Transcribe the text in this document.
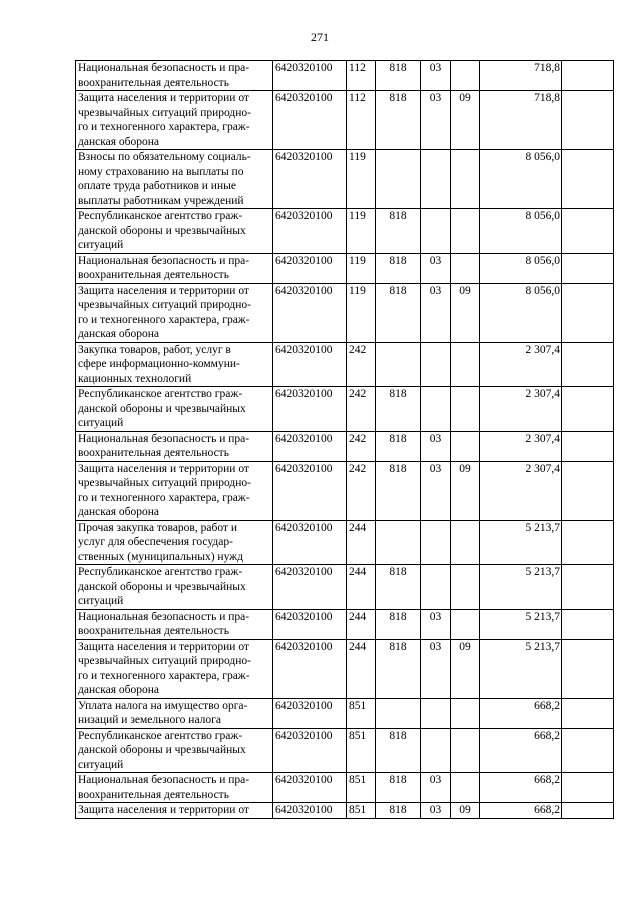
271
Национальная безопасность и пра-
воохранительная деятельность	6420320100	112	818	03		718,8	

Защита населения и территории от
чрезвычайных ситуаций природно-
го и техногенного характера, граж-
данская оборона	6420320100	112	818	03	09	718,8	

Взносы по обязательному социаль-
ному страхованию на выплаты по
оплате труда работников и иные
выплаты работникам учреждений	6420320100	119				8 056,0	

Республиканское агентство граж-
данской обороны и чрезвычайных
ситуаций	6420320100	119	818			8 056,0	

Национальная безопасность и пра-
воохранительная деятельность	6420320100	119	818	03		8 056,0	

Защита населения и территории от
чрезвычайных ситуаций природно-
го и техногенного характера, граж-
данская оборона	6420320100	119	818	03	09	8 056,0	

Закупка товаров, работ, услуг в
сфере информационно-коммуни-
кационных технологий	6420320100	242				2 307,4	

Республиканское агентство граж-
данской обороны и чрезвычайных
ситуаций	6420320100	242	818			2 307,4	

Национальная безопасность и пра-
воохранительная деятельность	6420320100	242	818	03		2 307,4	

Защита населения и территории от
чрезвычайных ситуаций природно-
го и техногенного характера, граж-
данская оборона	6420320100	242	818	03	09	2 307,4	

Прочая закупка товаров, работ и
услуг для обеспечения государ-
ственных (муниципальных) нужд	6420320100	244				5 213,7	

Республиканское агентство граж-
данской обороны и чрезвычайных
ситуаций	6420320100	244	818			5 213,7	

Национальная безопасность и пра-
воохранительная деятельность	6420320100	244	818	03		5 213,7	

Защита населения и территории от
чрезвычайных ситуаций природно-
го и техногенного характера, граж-
данская оборона	6420320100	244	818	03	09	5 213,7	

Уплата налога на имущество орга-
низаций и земельного налога	6420320100	851				668,2	

Республиканское агентство граж-
данской обороны и чрезвычайных
ситуаций	6420320100	851	818			668,2	

Национальная безопасность и пра-
воохранительная деятельность	6420320100	851	818	03		668,2	

Защита населения и территории от	6420320100	851	818	03	09	668,2	
